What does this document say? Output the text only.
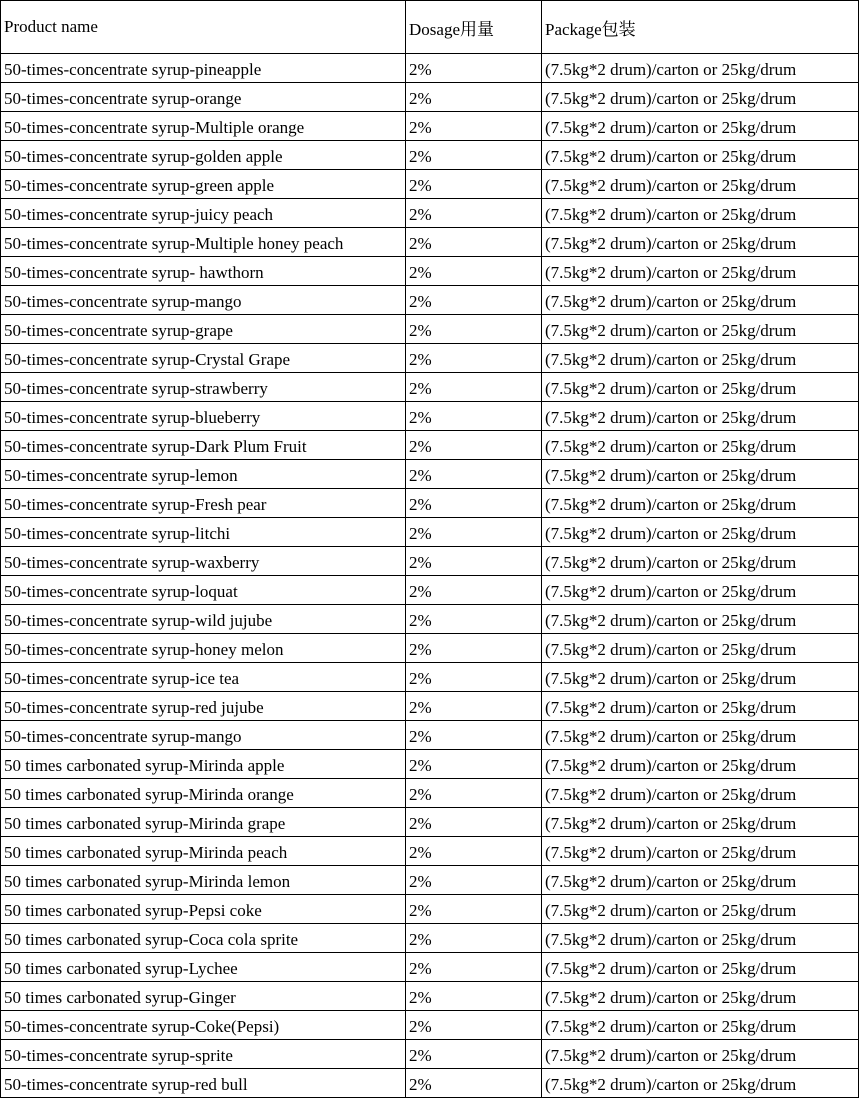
Product name	Dosage用量	Package包装
50-times-concentrate syrup-pineapple	2%	(7.5kg*2 drum)/carton or 25kg/drum
50-times-concentrate syrup-orange	2%	(7.5kg*2 drum)/carton or 25kg/drum
50-times-concentrate syrup-Multiple orange	2%	(7.5kg*2 drum)/carton or 25kg/drum
50-times-concentrate syrup-golden apple	2%	(7.5kg*2 drum)/carton or 25kg/drum
50-times-concentrate syrup-green apple	2%	(7.5kg*2 drum)/carton or 25kg/drum
50-times-concentrate syrup-juicy peach	2%	(7.5kg*2 drum)/carton or 25kg/drum
50-times-concentrate syrup-Multiple honey peach	2%	(7.5kg*2 drum)/carton or 25kg/drum
50-times-concentrate syrup- hawthorn	2%	(7.5kg*2 drum)/carton or 25kg/drum
50-times-concentrate syrup-mango	2%	(7.5kg*2 drum)/carton or 25kg/drum
50-times-concentrate syrup-grape	2%	(7.5kg*2 drum)/carton or 25kg/drum
50-times-concentrate syrup-Crystal Grape	2%	(7.5kg*2 drum)/carton or 25kg/drum
50-times-concentrate syrup-strawberry	2%	(7.5kg*2 drum)/carton or 25kg/drum
50-times-concentrate syrup-blueberry	2%	(7.5kg*2 drum)/carton or 25kg/drum
50-times-concentrate syrup-Dark Plum Fruit	2%	(7.5kg*2 drum)/carton or 25kg/drum
50-times-concentrate syrup-lemon	2%	(7.5kg*2 drum)/carton or 25kg/drum
50-times-concentrate syrup-Fresh pear	2%	(7.5kg*2 drum)/carton or 25kg/drum
50-times-concentrate syrup-litchi	2%	(7.5kg*2 drum)/carton or 25kg/drum
50-times-concentrate syrup-waxberry	2%	(7.5kg*2 drum)/carton or 25kg/drum
50-times-concentrate syrup-loquat	2%	(7.5kg*2 drum)/carton or 25kg/drum
50-times-concentrate syrup-wild jujube	2%	(7.5kg*2 drum)/carton or 25kg/drum
50-times-concentrate syrup-honey melon	2%	(7.5kg*2 drum)/carton or 25kg/drum
50-times-concentrate syrup-ice tea	2%	(7.5kg*2 drum)/carton or 25kg/drum
50-times-concentrate syrup-red jujube	2%	(7.5kg*2 drum)/carton or 25kg/drum
50-times-concentrate syrup-mango	2%	(7.5kg*2 drum)/carton or 25kg/drum
50 times carbonated syrup-Mirinda apple	2%	(7.5kg*2 drum)/carton or 25kg/drum
50 times carbonated syrup-Mirinda orange	2%	(7.5kg*2 drum)/carton or 25kg/drum
50 times carbonated syrup-Mirinda grape	2%	(7.5kg*2 drum)/carton or 25kg/drum
50 times carbonated syrup-Mirinda peach	2%	(7.5kg*2 drum)/carton or 25kg/drum
50 times carbonated syrup-Mirinda lemon	2%	(7.5kg*2 drum)/carton or 25kg/drum
50 times carbonated syrup-Pepsi coke	2%	(7.5kg*2 drum)/carton or 25kg/drum
50 times carbonated syrup-Coca cola sprite	2%	(7.5kg*2 drum)/carton or 25kg/drum
50 times carbonated syrup-Lychee	2%	(7.5kg*2 drum)/carton or 25kg/drum
50 times carbonated syrup-Ginger	2%	(7.5kg*2 drum)/carton or 25kg/drum
50-times-concentrate syrup-Coke(Pepsi)	2%	(7.5kg*2 drum)/carton or 25kg/drum
50-times-concentrate syrup-sprite	2%	(7.5kg*2 drum)/carton or 25kg/drum
50-times-concentrate syrup-red bull	2%	(7.5kg*2 drum)/carton or 25kg/drum
